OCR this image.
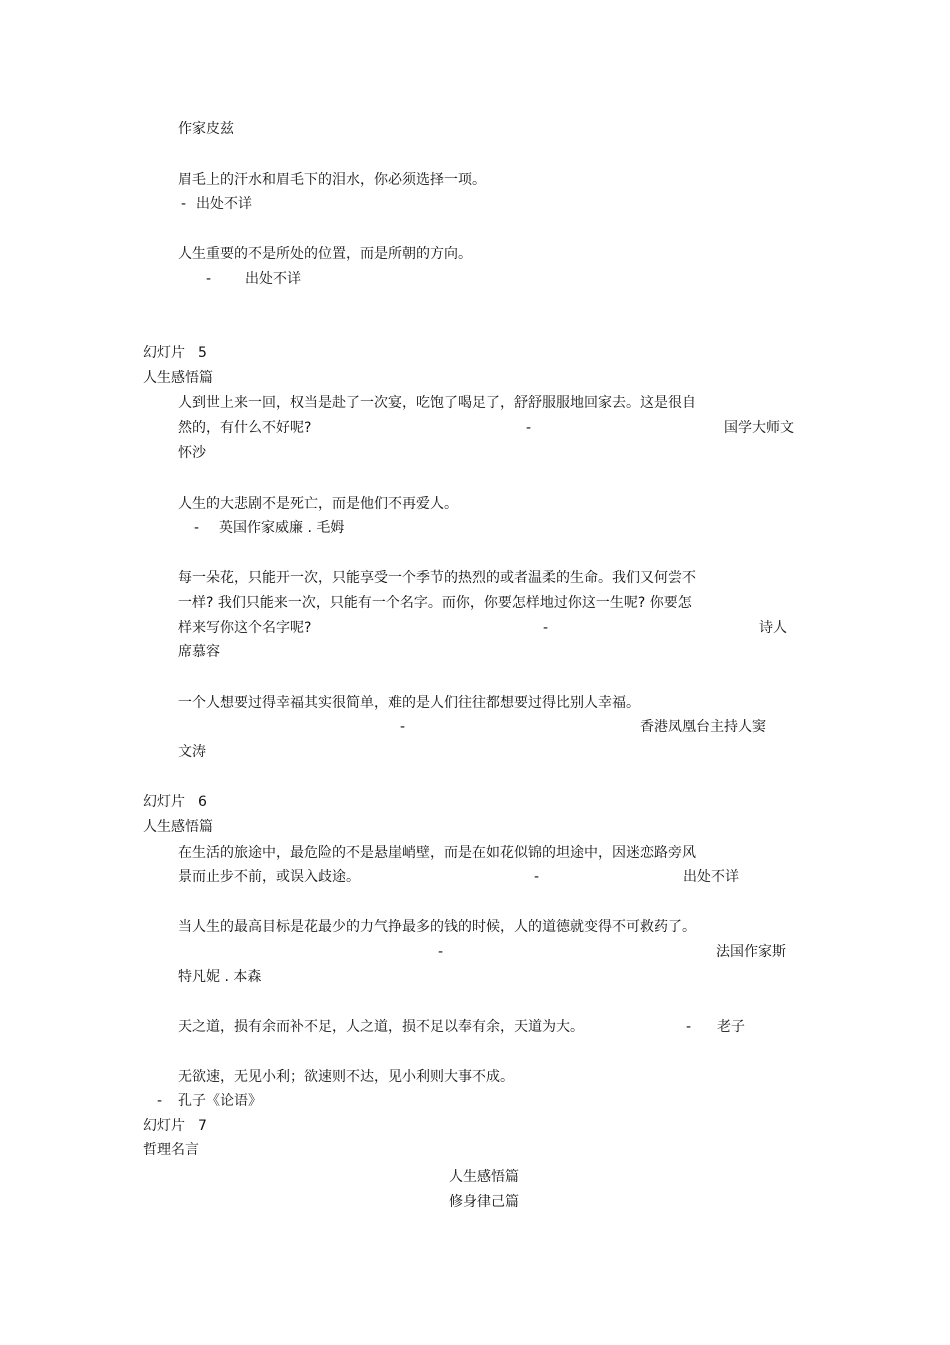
作家皮兹
眉毛上的汗水和眉毛下的泪水，你必须选择一项。
- 出处不详
人生重要的不是所处的位置，而是所朝的方向。
- 出处不详
幻灯片 5
人生感悟篇
人到世上来一回，权当是赴了一次宴，吃饱了喝足了，舒舒服服地回家去。这是很自
然的，有什么不好呢?	-	国学大师文
怀沙
人生的大悲剧不是死亡，而是他们不再爱人。
- 英国作家威廉 . 毛姆
每一朵花，只能开一次，只能享受一个季节的热烈的或者温柔的生命。我们又何尝不
一样? 我们只能来一次，只能有一个名字。而你，你要怎样地过你这一生呢? 你要怎
样来写你这个名字呢?	-	诗人
席慕容
一个人想要过得幸福其实很简单，难的是人们往往都想要过得比别人幸福。
-	香港凤凰台主持人窦
文涛
幻灯片 6
人生感悟篇
在生活的旅途中，最危险的不是悬崖峭壁，而是在如花似锦的坦途中，因迷恋路旁风
景而止步不前，或误入歧途。	-	出处不详
当人生的最高目标是花最少的力气挣最多的钱的时候，人的道德就变得不可救药了。
-	法国作家斯
特凡妮 . 本森
天之道，损有余而补不足，人之道，损不足以奉有余，天道为大。	- 老子
无欲速，无见小利；欲速则不达，见小利则大事不成。
- 孔子《论语》
幻灯片 7
哲理名言
人生感悟篇
修身律己篇
